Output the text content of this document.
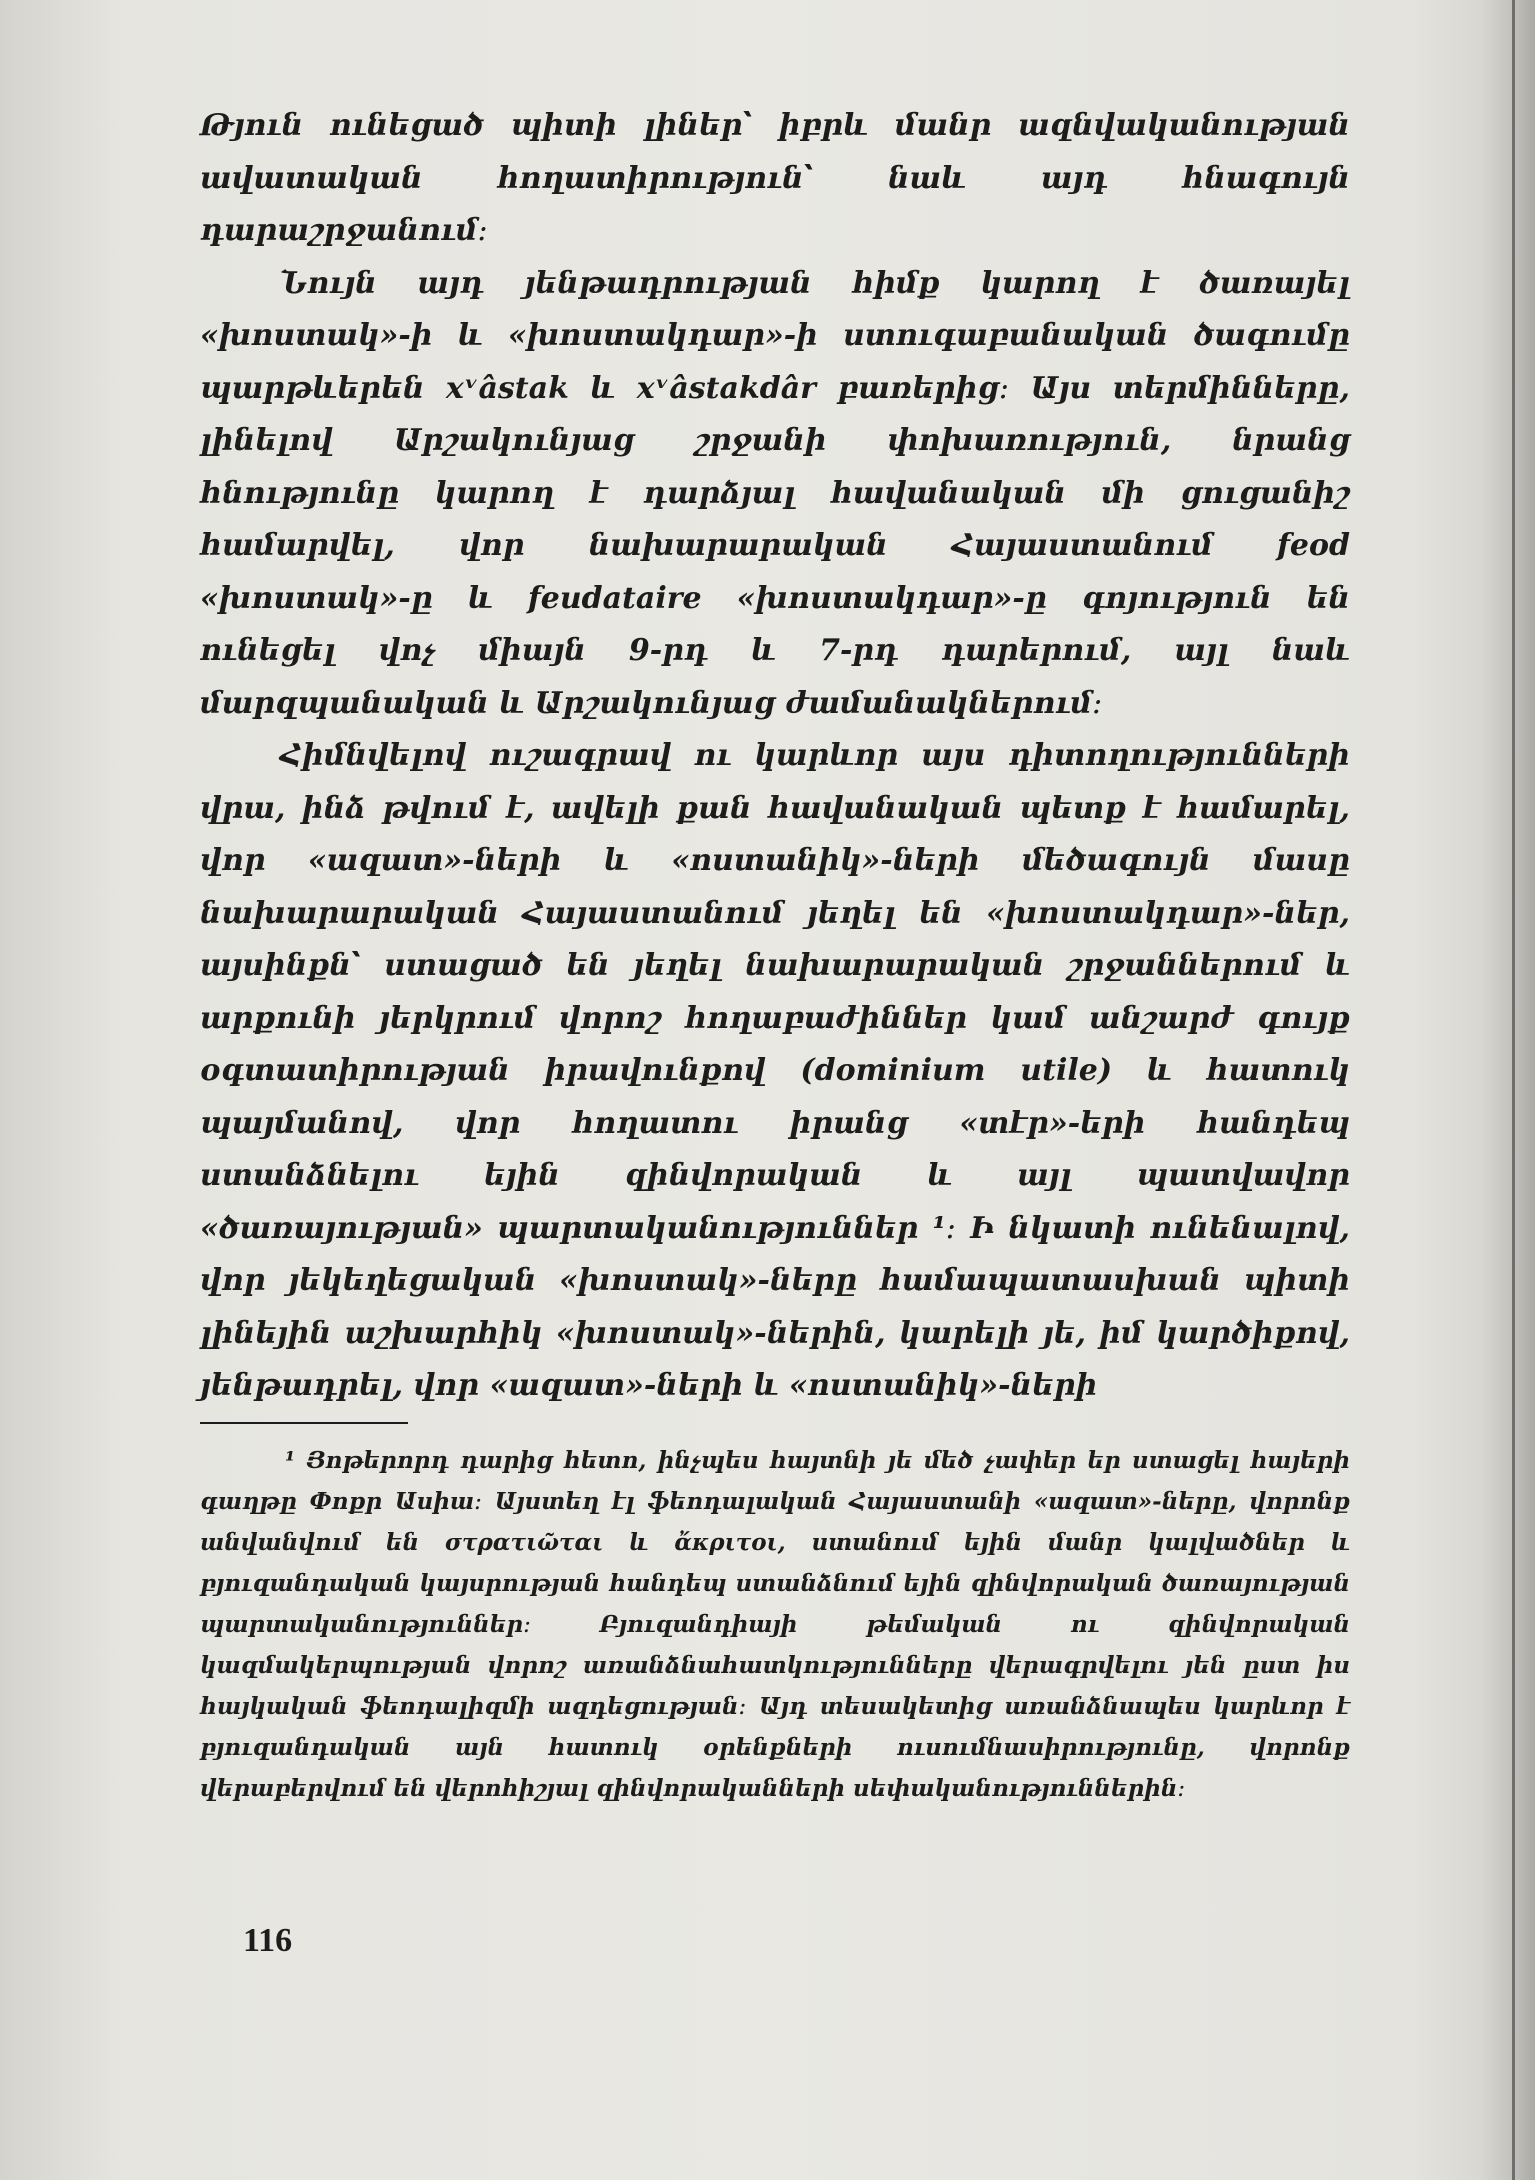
Թյուն ունեցած պիտի լիներ՝ իբրև մանր ազնվականության ավատական հողատիրություն՝ նաև այդ հնագույն դարաշրջանում։

Նույն այդ յենթադրության հիմք կարող է ծառայել «խոստակ»-ի և «խոստակդար»-ի ստուգաբանական ծագումը պարթևերեն xᵛâstak և xᵛâstakdâr բառերից։ Այս տերմինները, լինելով Արշակունյաց շրջանի փոխառություն, նրանց հնությունը կարող է դարձյալ հավանական մի ցուցանիշ համարվել, վոր նախարարական Հայաստանում feod «խոստակ»-ը և feudataire «խոստակդար»-ը գոյություն են ունեցել վոչ միայն 9-րդ և 7-րդ դարերում, այլ նաև մարզպանական և Արշակունյաց ժամանակներում։

Հիմնվելով ուշագրավ ու կարևոր այս դիտողությունների վրա, ինձ թվում է, ավելի քան հավանական պետք է համարել, վոր «ազատ»-ների և «ոստանիկ»-ների մեծագույն մասը նախարարական Հայաստանում յեղել են «խոստակդար»-ներ, այսինքն՝ ստացած են յեղել նախարարական շրջաններում և արքունի յերկրում վորոշ հողաբաժիններ կամ անշարժ գույք օգտատիրության իրավունքով (dominium utile) և հատուկ պայմանով, վոր հողատու իրանց «տէր»-երի հանդեպ ստանձնելու եյին զինվորական և այլ պատվավոր «ծառայության» պարտականություններ ¹։ Ի նկատի ունենալով, վոր յեկեղեցական «խոստակ»-ները համապատասխան պիտի լինեյին աշխարհիկ «խոստակ»-ներին, կարելի յե, իմ կարծիքով, յենթադրել, վոր «ազատ»-ների և «ոստանիկ»-ների

¹ Յոթերորդ դարից հետո, ինչպես հայտնի յե մեծ չափեր եր ստացել հայերի գաղթը Փոքր Ասիա։ Այստեղ էլ ֆեոդալական Հայաստանի «ազատ»-ները, վորոնք անվանվում են στρατιῶται և ἄκριτοι, ստանում եյին մանր կալվածներ և բյուզանդական կայսրության հանդեպ ստանձնում եյին զինվորական ծառայության պարտականություններ։ Բյուզանդիայի թեմական ու զինվորական կազմակերպության վորոշ առանձնահատկությունները վերագրվելու յեն ըստ իս հայկական ֆեոդալիզմի ազդեցության։ Այդ տեսակետից առանձնապես կարևոր է բյուզանդական այն հատուկ օրենքների ուսումնասիրությունը, վորոնք վերաբերվում են վերոհիշյալ զինվորականների սեփականություններին։

116
